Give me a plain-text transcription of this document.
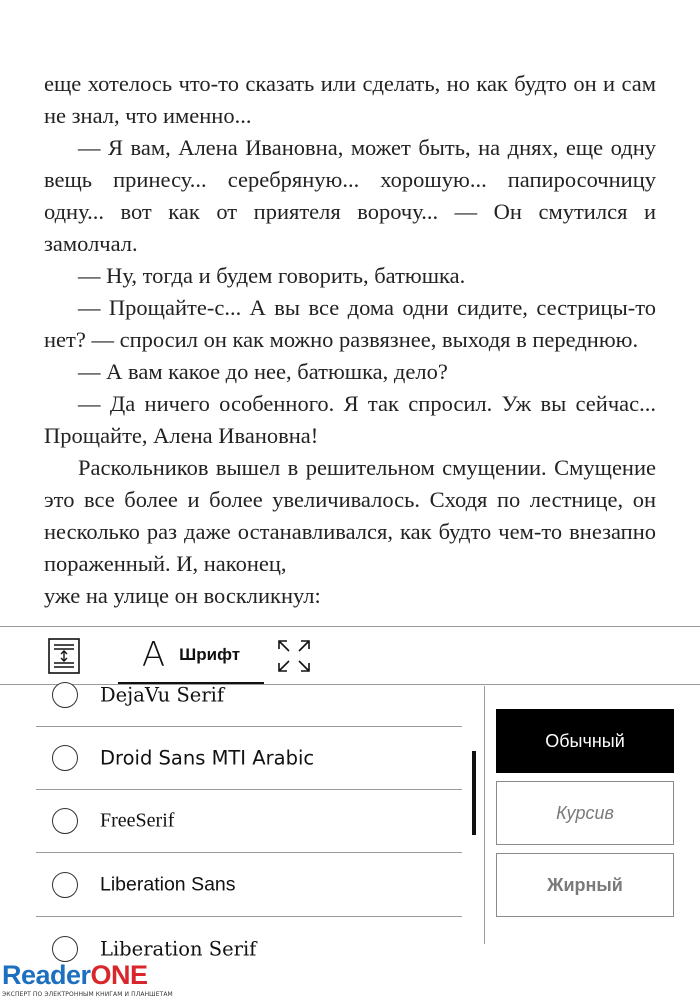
еще хотелось что-то сказать или сделать, но как будто он и сам не знал, что именно...

— Я вам, Алена Ивановна, может быть, на днях, еще одну вещь принесу... серебряную... хорошую... папиросочницу одну... вот как от приятеля ворочу... — Он смутился и замолчал.

— Ну, тогда и будем говорить, батюшка.

— Прощайте-с... А вы все дома одни сидите, сестрицы-то нет? — спросил он как можно развязнее, выходя в переднюю.

— А вам какое до нее, батюшка, дело?

— Да ничего особенного. Я так спросил. Уж вы сейчас... Прощайте, Алена Ивановна!

Раскольников вышел в решительном смущении. Смущение это все более и более увеличивалось. Сходя по лестнице, он несколько раз даже останавливался, как будто чем-то внезапно пораженный. И, наконец,

уже на улице он воскликнул:

A Шрифт
DejaVu Serif
Droid Sans MTI Arabic
FreeSerif
Liberation Sans
Liberation Serif
Обычный
Курсив
Жирный
ReaderONE
ЭКСПЕРТ ПО ЭЛЕКТРОННЫМ КНИГАМ И ПЛАНШЕТАМ
